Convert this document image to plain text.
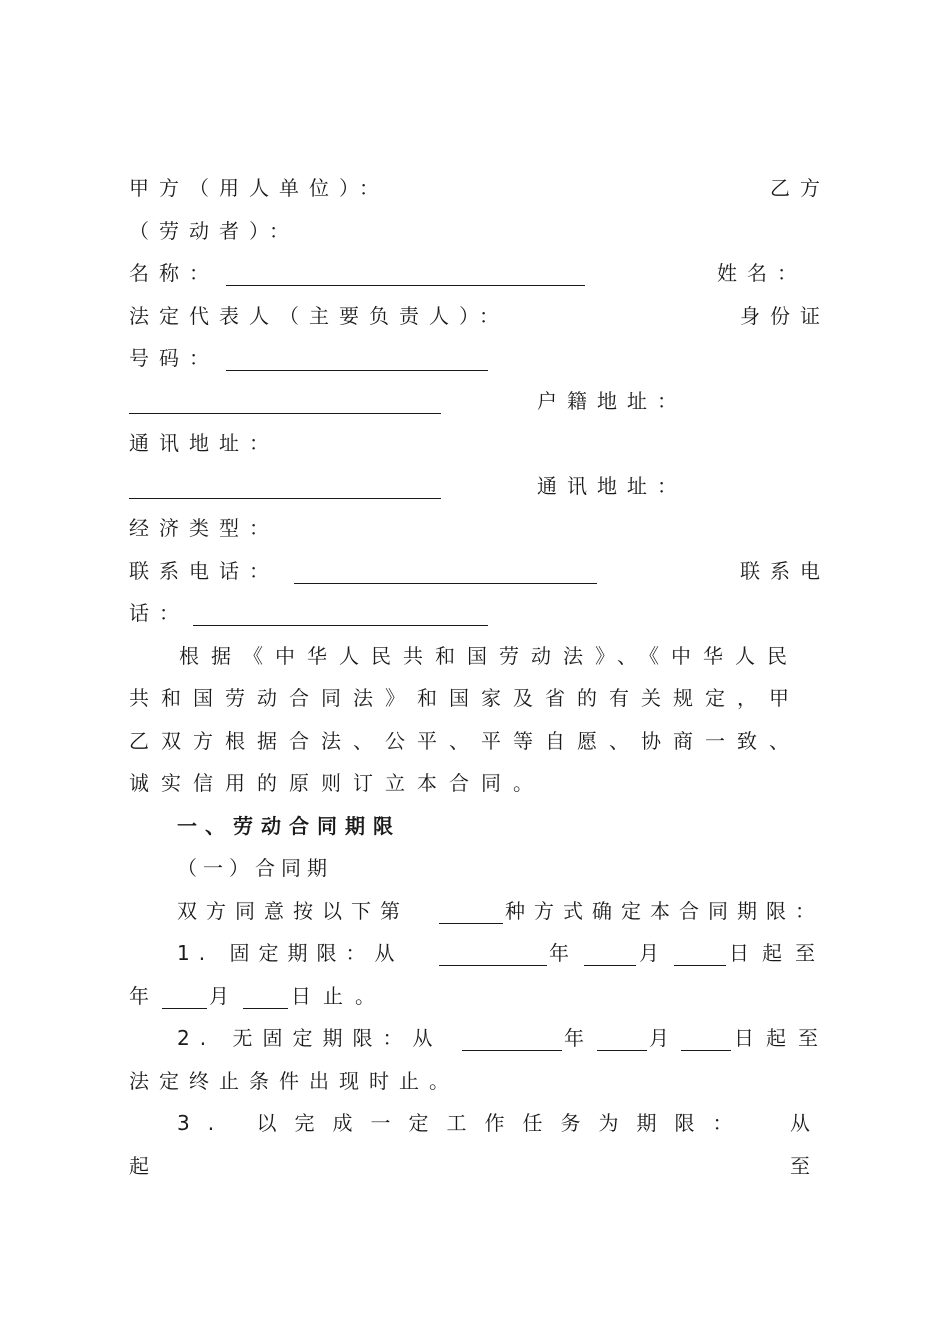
甲方（用人单位）：	乙方
（劳动者）：
名称：	姓名：
法定代表人（主要负责人）：	身份证
号码：
户籍地址：
通讯地址：
通讯地址：
经济类型：
联系电话：	联系电
话：
根据《中华人民共和国劳动法》、《中华人民
共和国劳动合同法》和国家及省的有关规定，甲
乙双方根据合法、公平、平等自愿、协商一致、
诚实信用的原则订立本合同。
一、劳动合同期限
（一）合同期
双方同意按以下第	种方式确定本合同期限：
1. 固定期限：从	年	月	日起至
年	月	日止。
2. 无固定期限：从	年	月	日起至
法定终止条件出现时止。
3. 以完成一定工作任务为期限： 从
起	至
